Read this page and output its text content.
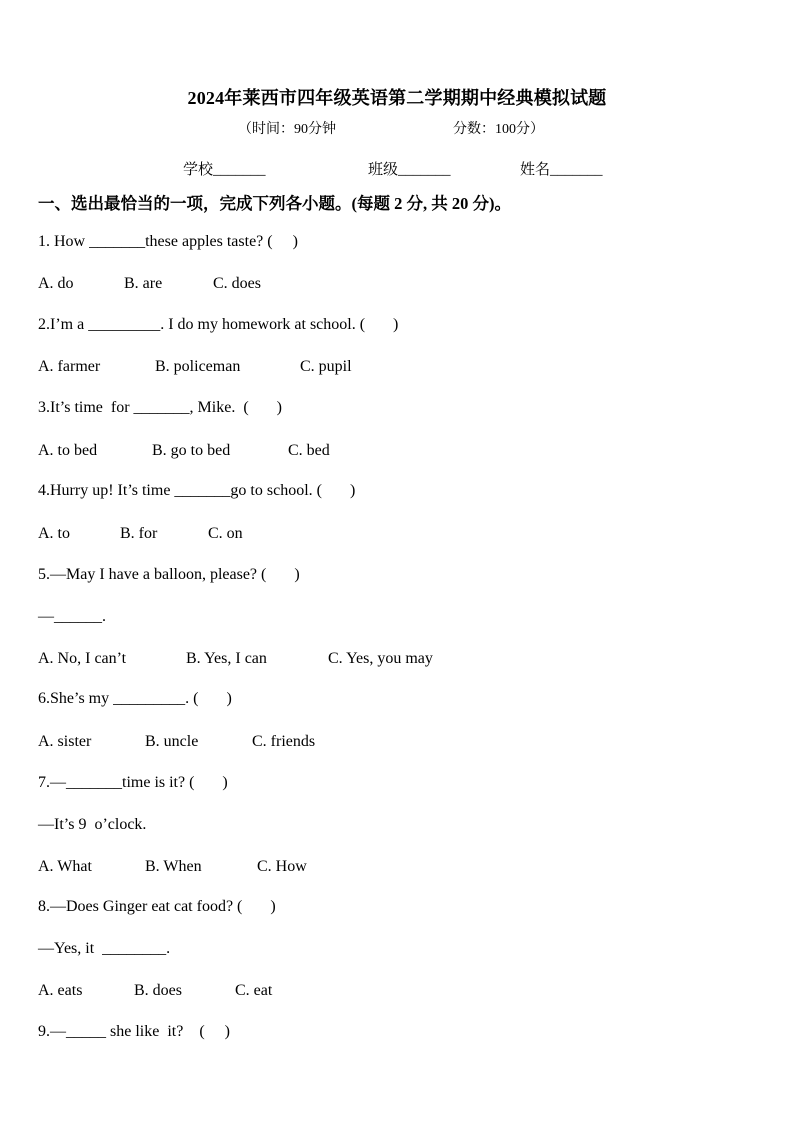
2024年莱西市四年级英语第二学期期中经典模拟试题
（时间：90分钟	分数：100分）
学校_______	班级_______	姓名_______
一、选出最恰当的一项，完成下列各小题。(每题 2 分, 共 20 分)。
1. How _______these apples taste? (     )
A. do	B. are	C. does
2.I’m a _________. I do my homework at school. (       )
A. farmer	B. policeman	C. pupil
3.It’s time  for _______, Mike.  (       )
A. to bed	B. go to bed	C. bed
4.Hurry up! It’s time _______go to school. (       )
A. to	B. for	C. on
5.—May I have a balloon, please? (       )
—______.
A. No, I can’t	B. Yes, I can	C. Yes, you may
6.She’s my _________. (       )
A. sister	B. uncle	C. friends
7.—_______time is it? (       )
—It’s 9  o’clock.
A. What	B. When	C. How
8.—Does Ginger eat cat food? (       )
—Yes, it  ________.
A. eats	B. does	C. eat
9.—_____ she like  it?    (     )
